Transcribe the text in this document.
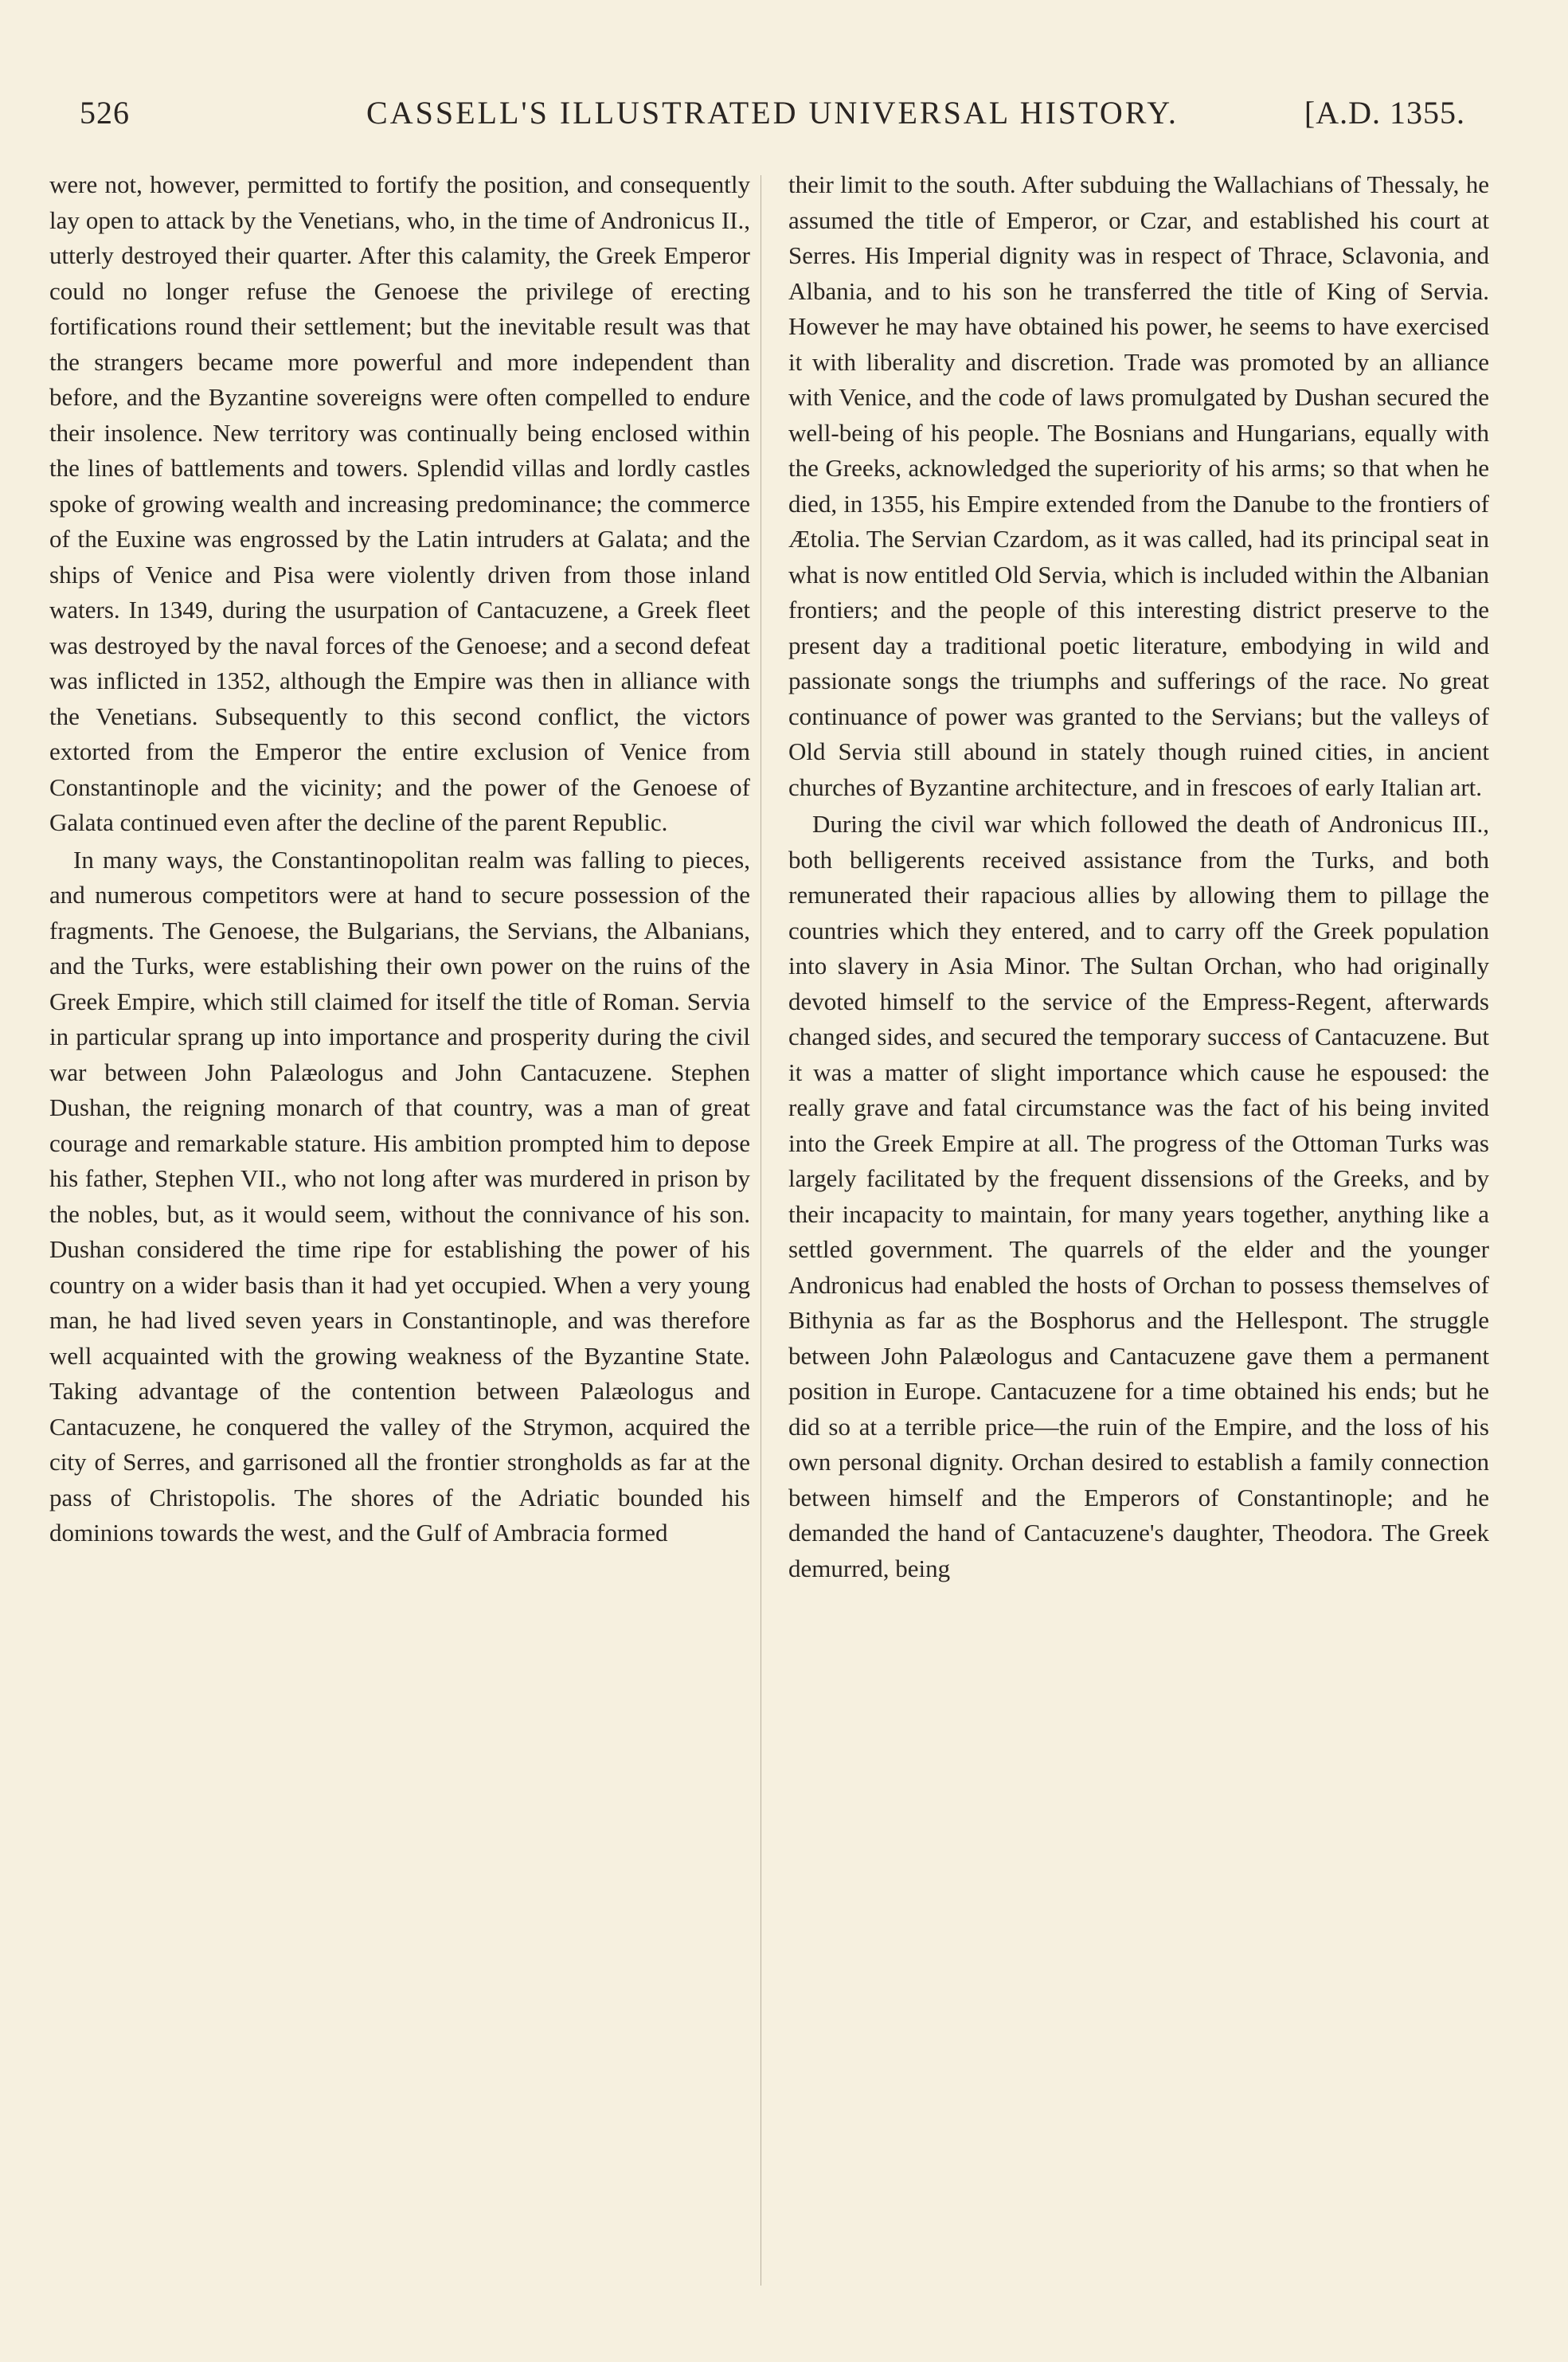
526	CASSELL'S ILLUSTRATED UNIVERSAL HISTORY.	[A.D. 1355.

were not, however, permitted to fortify the position, and consequently lay open to attack by the Venetians, who, in the time of Andronicus II., utterly destroyed their quarter. After this calamity, the Greek Emperor could no longer refuse the Genoese the privilege of erecting fortifications round their settlement; but the inevitable result was that the strangers became more powerful and more independent than before, and the Byzantine sovereigns were often compelled to endure their insolence. New territory was continually being enclosed within the lines of battlements and towers. Splendid villas and lordly castles spoke of growing wealth and increasing predominance; the commerce of the Euxine was engrossed by the Latin intruders at Galata; and the ships of Venice and Pisa were violently driven from those inland waters. In 1349, during the usurpation of Cantacuzene, a Greek fleet was destroyed by the naval forces of the Genoese; and a second defeat was inflicted in 1352, although the Empire was then in alliance with the Venetians. Subsequently to this second conflict, the victors extorted from the Emperor the entire exclusion of Venice from Constantinople and the vicinity; and the power of the Genoese of Galata continued even after the decline of the parent Republic.

In many ways, the Constantinopolitan realm was falling to pieces, and numerous competitors were at hand to secure possession of the fragments. The Genoese, the Bulgarians, the Servians, the Albanians, and the Turks, were establishing their own power on the ruins of the Greek Empire, which still claimed for itself the title of Roman. Servia in particular sprang up into importance and prosperity during the civil war between John Palæologus and John Cantacuzene. Stephen Dushan, the reigning monarch of that country, was a man of great courage and remarkable stature. His ambition prompted him to depose his father, Stephen VII., who not long after was murdered in prison by the nobles, but, as it would seem, without the connivance of his son. Dushan considered the time ripe for establishing the power of his country on a wider basis than it had yet occupied. When a very young man, he had lived seven years in Constantinople, and was therefore well acquainted with the growing weakness of the Byzantine State. Taking advantage of the contention between Palæologus and Cantacuzene, he conquered the valley of the Strymon, acquired the city of Serres, and garrisoned all the frontier strongholds as far at the pass of Christopolis. The shores of the Adriatic bounded his dominions towards the west, and the Gulf of Ambracia formed

their limit to the south. After subduing the Wallachians of Thessaly, he assumed the title of Emperor, or Czar, and established his court at Serres. His Imperial dignity was in respect of Thrace, Sclavonia, and Albania, and to his son he transferred the title of King of Servia. However he may have obtained his power, he seems to have exercised it with liberality and discretion. Trade was promoted by an alliance with Venice, and the code of laws promulgated by Dushan secured the well-being of his people. The Bosnians and Hungarians, equally with the Greeks, acknowledged the superiority of his arms; so that when he died, in 1355, his Empire extended from the Danube to the frontiers of Ætolia. The Servian Czardom, as it was called, had its principal seat in what is now entitled Old Servia, which is included within the Albanian frontiers; and the people of this interesting district preserve to the present day a traditional poetic literature, embodying in wild and passionate songs the triumphs and sufferings of the race. No great continuance of power was granted to the Servians; but the valleys of Old Servia still abound in stately though ruined cities, in ancient churches of Byzantine architecture, and in frescoes of early Italian art.

During the civil war which followed the death of Andronicus III., both belligerents received assistance from the Turks, and both remunerated their rapacious allies by allowing them to pillage the countries which they entered, and to carry off the Greek population into slavery in Asia Minor. The Sultan Orchan, who had originally devoted himself to the service of the Empress-Regent, afterwards changed sides, and secured the temporary success of Cantacuzene. But it was a matter of slight importance which cause he espoused: the really grave and fatal circumstance was the fact of his being invited into the Greek Empire at all. The progress of the Ottoman Turks was largely facilitated by the frequent dissensions of the Greeks, and by their incapacity to maintain, for many years together, anything like a settled government. The quarrels of the elder and the younger Andronicus had enabled the hosts of Orchan to possess themselves of Bithynia as far as the Bosphorus and the Hellespont. The struggle between John Palæologus and Cantacuzene gave them a permanent position in Europe. Cantacuzene for a time obtained his ends; but he did so at a terrible price—the ruin of the Empire, and the loss of his own personal dignity. Orchan desired to establish a family connection between himself and the Emperors of Constantinople; and he demanded the hand of Cantacuzene's daughter, Theodora. The Greek demurred, being
